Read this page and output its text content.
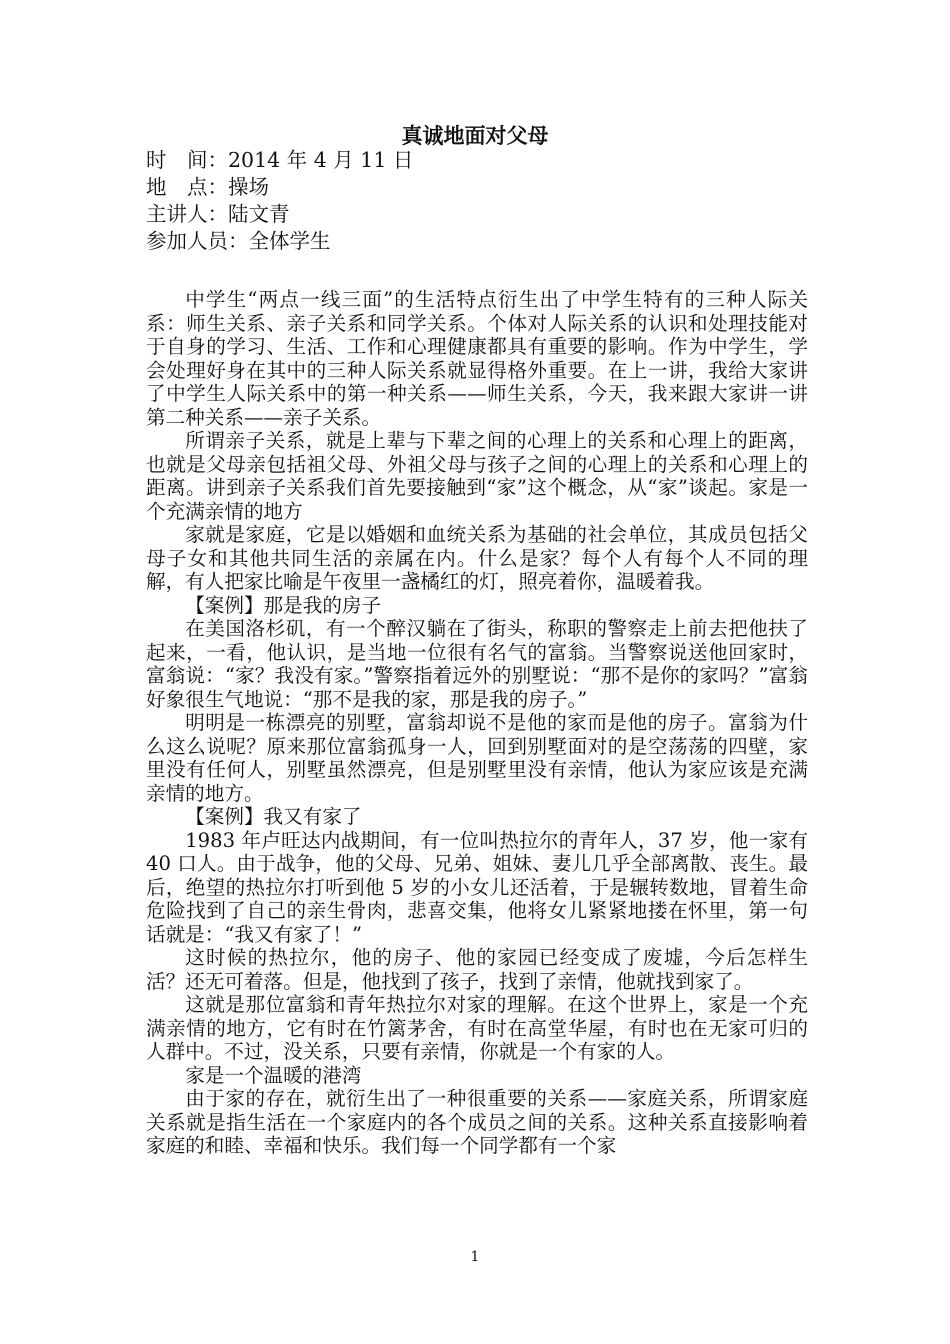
真诚地面对父母
时　间：2014 年 4 月 11 日
地　点：操场
主讲人：陆文青
参加人员：全体学生

中学生“两点一线三面”的生活特点衍生出了中学生特有的三种人际关系：师生关系、亲子关系和同学关系。个体对人际关系的认识和处理技能对于自身的学习、生活、工作和心理健康都具有重要的影响。作为中学生，学会处理好身在其中的三种人际关系就显得格外重要。在上一讲，我给大家讲了中学生人际关系中的第一种关系——师生关系，今天，我来跟大家讲一讲第二种关系——亲子关系。

所谓亲子关系，就是上辈与下辈之间的心理上的关系和心理上的距离，也就是父母亲包括祖父母、外祖父母与孩子之间的心理上的关系和心理上的距离。讲到亲子关系我们首先要接触到“家”这个概念，从“家”谈起。家是一个充满亲情的地方

家就是家庭，它是以婚姻和血统关系为基础的社会单位，其成员包括父母子女和其他共同生活的亲属在内。什么是家？每个人有每个人不同的理解，有人把家比喻是午夜里一盏橘红的灯，照亮着你，温暖着我。

【案例】那是我的房子

在美国洛杉矶，有一个醉汉躺在了街头，称职的警察走上前去把他扶了起来，一看，他认识，是当地一位很有名气的富翁。当警察说送他回家时，富翁说：“家？我没有家。”警察指着远外的别墅说：“那不是你的家吗？”富翁好象很生气地说：“那不是我的家，那是我的房子。”

明明是一栋漂亮的别墅，富翁却说不是他的家而是他的房子。富翁为什么这么说呢？原来那位富翁孤身一人，回到别墅面对的是空荡荡的四壁，家里没有任何人，别墅虽然漂亮，但是别墅里没有亲情，他认为家应该是充满亲情的地方。

【案例】我又有家了

1983 年卢旺达内战期间，有一位叫热拉尔的青年人，37 岁，他一家有 40 口人。由于战争，他的父母、兄弟、姐妹、妻儿几乎全部离散、丧生。最后，绝望的热拉尔打听到他 5 岁的小女儿还活着，于是辗转数地，冒着生命危险找到了自己的亲生骨肉，悲喜交集，他将女儿紧紧地搂在怀里，第一句话就是：“我又有家了！”

这时候的热拉尔，他的房子、他的家园已经变成了废墟，今后怎样生活？还无可着落。但是，他找到了孩子，找到了亲情，他就找到家了。

这就是那位富翁和青年热拉尔对家的理解。在这个世界上，家是一个充满亲情的地方，它有时在竹篱茅舍，有时在高堂华屋，有时也在无家可归的人群中。不过，没关系，只要有亲情，你就是一个有家的人。

家是一个温暖的港湾

由于家的存在，就衍生出了一种很重要的关系——家庭关系，所谓家庭关系就是指生活在一个家庭内的各个成员之间的关系。这种关系直接影响着家庭的和睦、幸福和快乐。我们每一个同学都有一个家

1
